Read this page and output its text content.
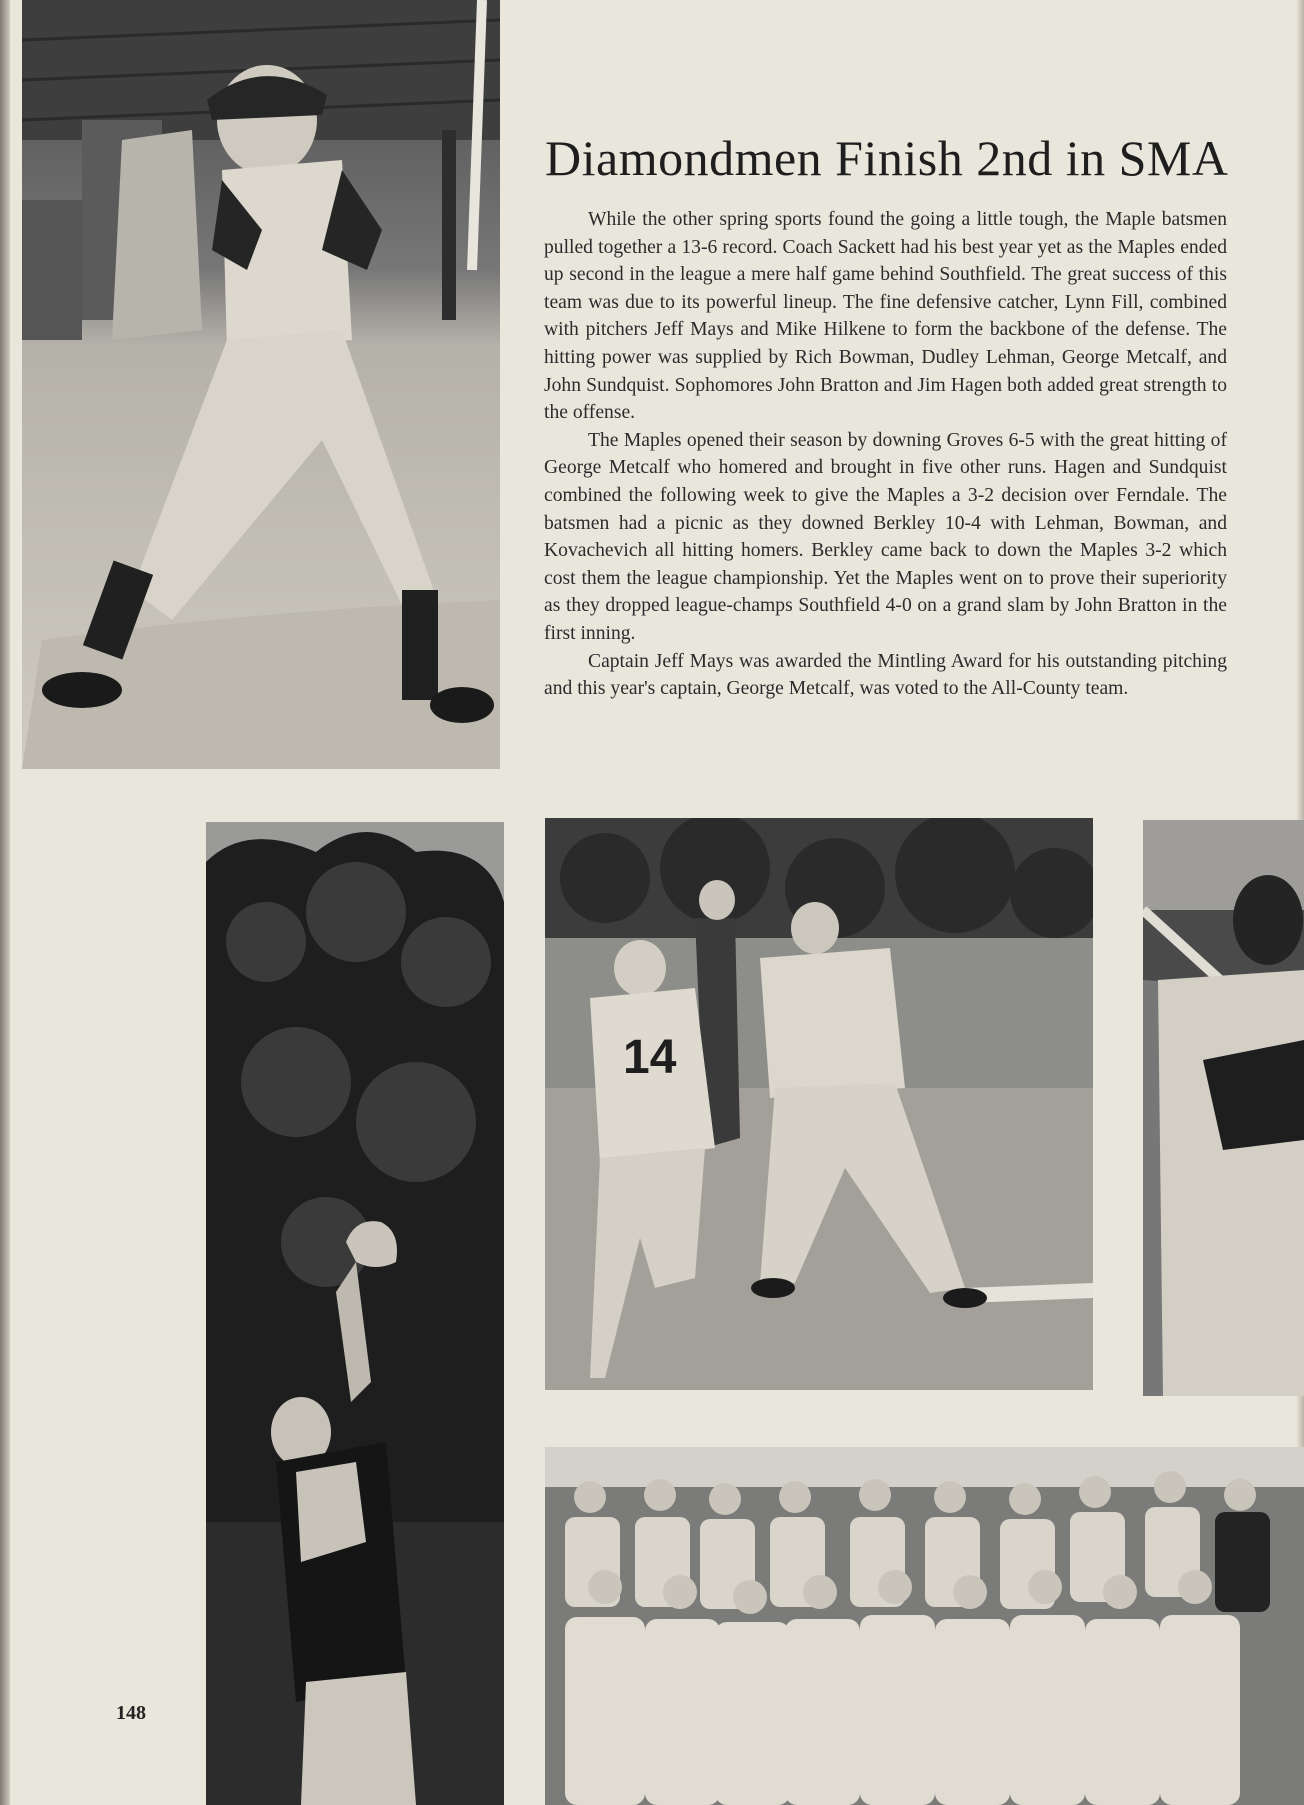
Diamondmen Finish 2nd in SMA

While the other spring sports found the going a little tough, the Maple batsmen pulled together a 13-6 record. Coach Sackett had his best year yet as the Maples ended up second in the league a mere half game behind Southfield. The great success of this team was due to its powerful lineup. The fine defensive catcher, Lynn Fill, combined with pitchers Jeff Mays and Mike Hilkene to form the backbone of the defense. The hitting power was supplied by Rich Bowman, Dudley Lehman, George Metcalf, and John Sundquist. Sophomores John Bratton and Jim Hagen both added great strength to the offense.

The Maples opened their season by downing Groves 6-5 with the great hitting of George Metcalf who homered and brought in five other runs. Hagen and Sundquist combined the following week to give the Maples a 3-2 decision over Ferndale. The batsmen had a picnic as they downed Berkley 10-4 with Lehman, Bowman, and Kovachevich all hitting homers. Berkley came back to down the Maples 3-2 which cost them the league championship. Yet the Maples went on to prove their superiority as they dropped league-champs Southfield 4-0 on a grand slam by John Bratton in the first inning.

Captain Jeff Mays was awarded the Mintling Award for his outstanding pitching and this year's captain, George Metcalf, was voted to the All-County team.

14
148
